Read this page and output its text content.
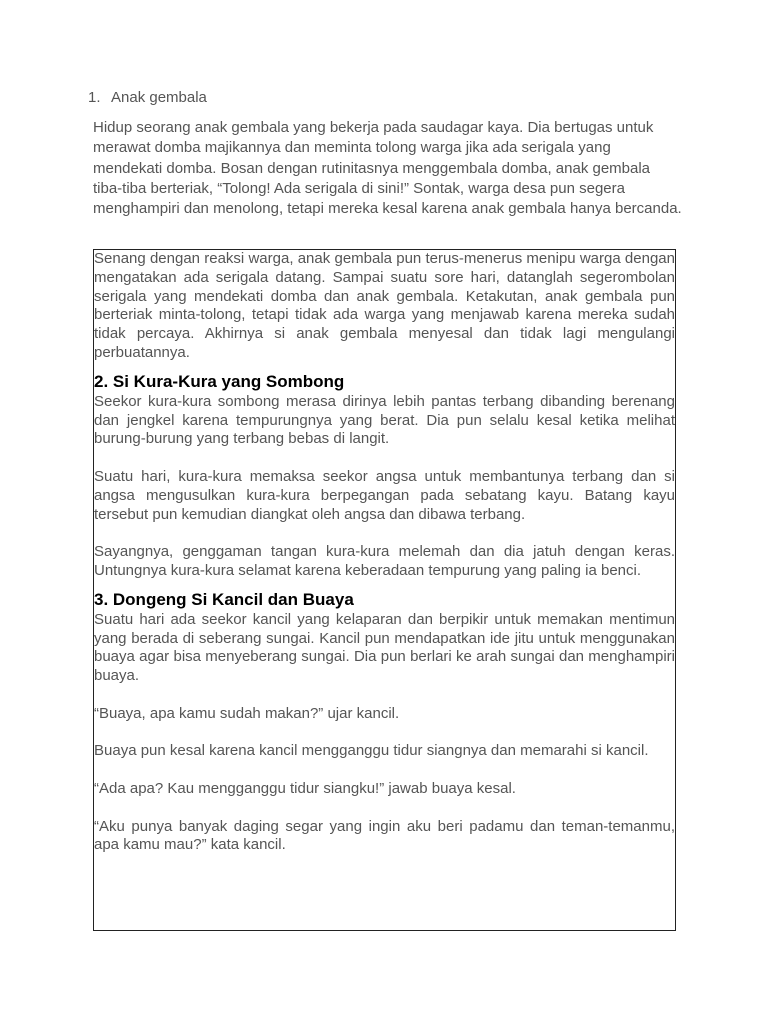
1. Anak gembala

Hidup seorang anak gembala yang bekerja pada saudagar kaya. Dia bertugas untuk merawat domba majikannya dan meminta tolong warga jika ada serigala yang mendekati domba. Bosan dengan rutinitasnya menggembala domba, anak gembala tiba-tiba berteriak, “Tolong! Ada serigala di sini!” Sontak, warga desa pun segera menghampiri dan menolong, tetapi mereka kesal karena anak gembala hanya bercanda.

Senang dengan reaksi warga, anak gembala pun terus-menerus menipu warga dengan mengatakan ada serigala datang. Sampai suatu sore hari, datanglah segerombolan serigala yang mendekati domba dan anak gembala. Ketakutan, anak gembala pun berteriak minta-tolong, tetapi tidak ada warga yang menjawab karena mereka sudah tidak percaya. Akhirnya si anak gembala menyesal dan tidak lagi mengulangi perbuatannya.

2. Si Kura-Kura yang Sombong

Seekor kura-kura sombong merasa dirinya lebih pantas terbang dibanding berenang dan jengkel karena tempurungnya yang berat. Dia pun selalu kesal ketika melihat burung-burung yang terbang bebas di langit.

Suatu hari, kura-kura memaksa seekor angsa untuk membantunya terbang dan si angsa mengusulkan kura-kura berpegangan pada sebatang kayu. Batang kayu tersebut pun kemudian diangkat oleh angsa dan dibawa terbang.

Sayangnya, genggaman tangan kura-kura melemah dan dia jatuh dengan keras. Untungnya kura-kura selamat karena keberadaan tempurung yang paling ia benci.

3. Dongeng Si Kancil dan Buaya

Suatu hari ada seekor kancil yang kelaparan dan berpikir untuk memakan mentimun yang berada di seberang sungai. Kancil pun mendapatkan ide jitu untuk menggunakan buaya agar bisa menyeberang sungai. Dia pun berlari ke arah sungai dan menghampiri buaya.

“Buaya, apa kamu sudah makan?” ujar kancil.

Buaya pun kesal karena kancil mengganggu tidur siangnya dan memarahi si kancil.

“Ada apa? Kau mengganggu tidur siangku!” jawab buaya kesal.

“Aku punya banyak daging segar yang ingin aku beri padamu dan teman-temanmu, apa kamu mau?” kata kancil.
